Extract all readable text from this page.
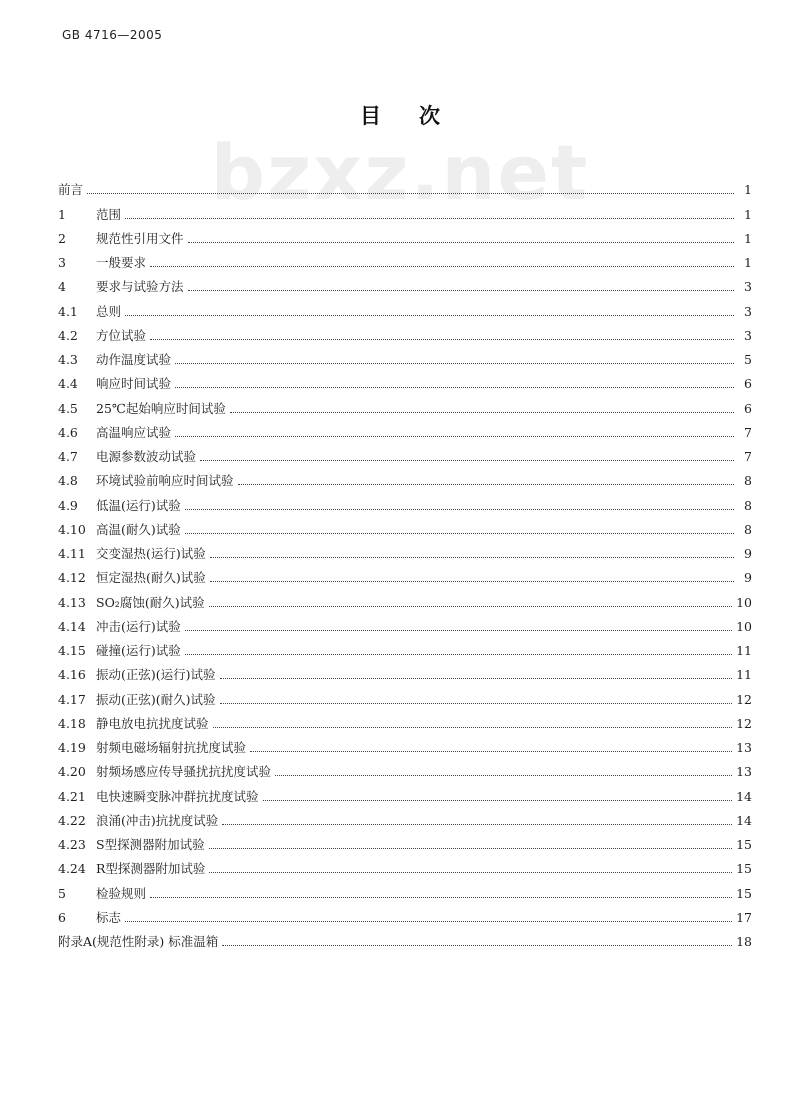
GB 4716—2005
目 次
bzxz.net
前言	1
1	范围	1
2	规范性引用文件	1
3	一般要求	1
4	要求与试验方法	3
4.1	总则	3
4.2	方位试验	3
4.3	动作温度试验	5
4.4	响应时间试验	6
4.5	25℃起始响应时间试验	6
4.6	高温响应试验	7
4.7	电源参数波动试验	7
4.8	环境试验前响应时间试验	8
4.9	低温(运行)试验	8
4.10 高温(耐久)试验	8
4.11 交变湿热(运行)试验	9
4.12 恒定湿热(耐久)试验	9
4.13 SO₂腐蚀(耐久)试验	10
4.14 冲击(运行)试验	10
4.15 碰撞(运行)试验	11
4.16 振动(正弦)(运行)试验	11
4.17 振动(正弦)(耐久)试验	12
4.18 静电放电抗扰度试验	12
4.19 射频电磁场辐射抗扰度试验	13
4.20 射频场感应传导骚扰抗扰度试验	13
4.21 电快速瞬变脉冲群抗扰度试验	14
4.22 浪涌(冲击)抗扰度试验	14
4.23 S型探测器附加试验	15
4.24 R型探测器附加试验	15
5	检验规则	15
6	标志	17
附录A(规范性附录) 标准温箱	18
